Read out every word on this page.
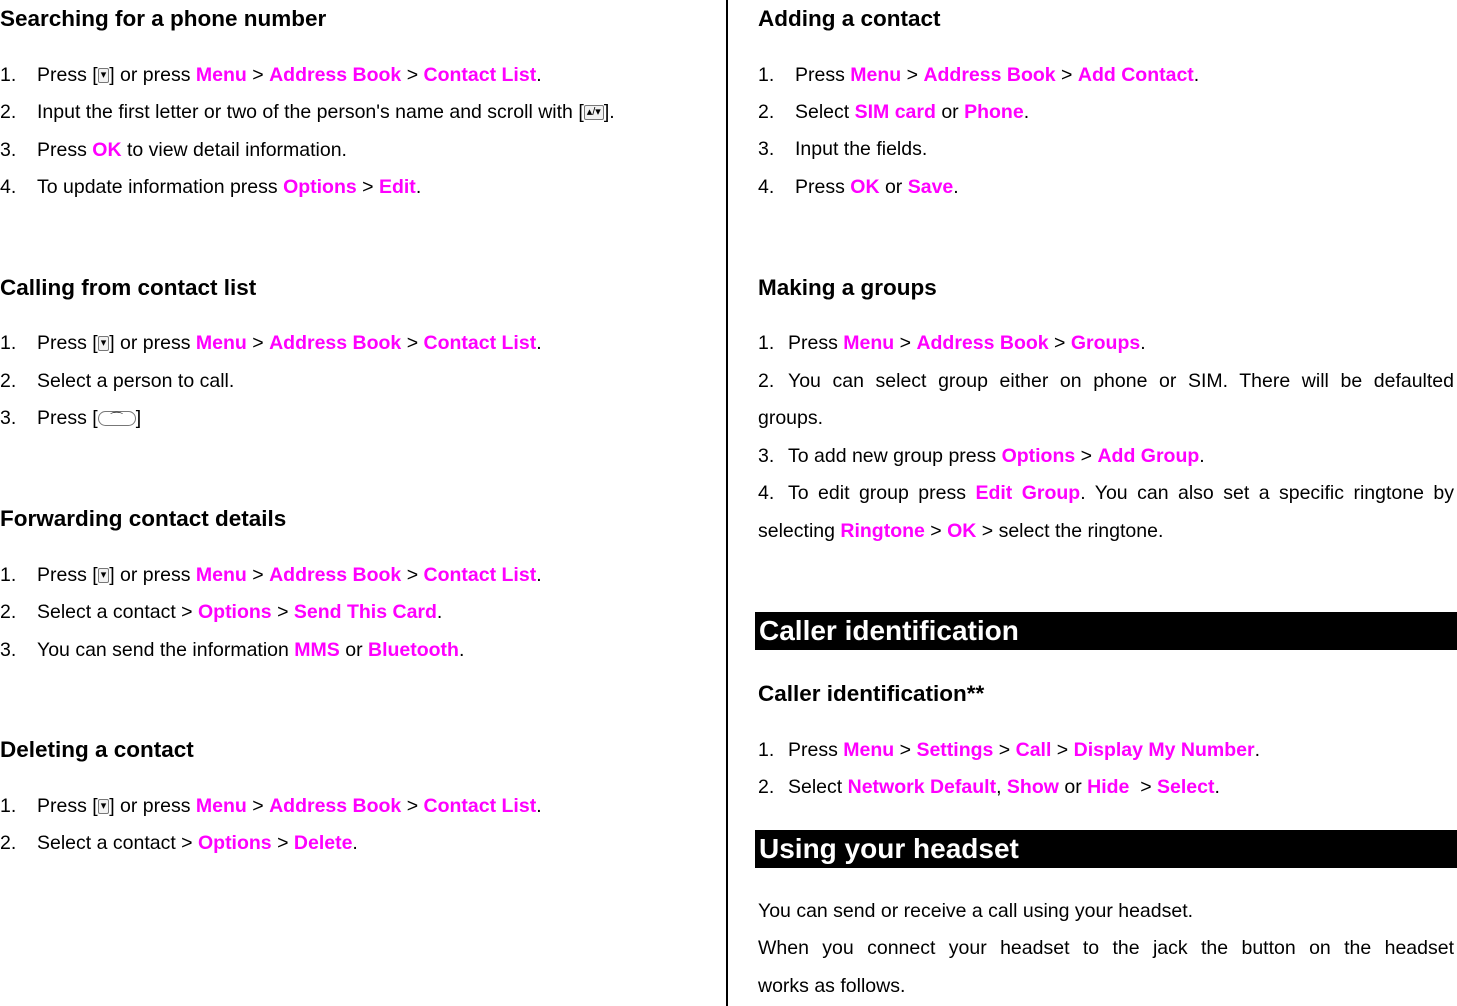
Searching for a phone number
1. Press [ ▾ ] or press Menu > Address Book > Contact List.
2. Input the first letter or two of the person's name and scroll with [ ▴/▾ ].
3. Press OK to view detail information.
4. To update information press Options > Edit.
Calling from contact list
1. Press [ ▾ ] or press Menu > Address Book > Contact List.
2. Select a person to call.
3. Press [ ⌒ ]
Forwarding contact details
1. Press [ ▾ ] or press Menu > Address Book > Contact List.
2. Select a contact > Options > Send This Card.
3. You can send the information MMS or Bluetooth.
Deleting a contact
1. Press [ ▾ ] or press Menu > Address Book > Contact List.
2. Select a contact > Options > Delete.
Adding a contact
1. Press Menu > Address Book > Add Contact.
2. Select SIM card or Phone.
3. Input the fields.
4. Press OK or Save.
Making a groups
1. Press Menu > Address Book > Groups.
2. You can select group either on phone or SIM. There will be defaulted
groups.
3. To add new group press Options > Add Group.
4. To edit group press Edit Group. You can also set a specific ringtone by
selecting Ringtone > OK > select the ringtone.
Caller identification
Caller identification**
1. Press Menu > Settings > Call > Display My Number.
2. Select Network Default, Show or Hide  > Select.
Using your headset
You can send or receive a call using your headset.
When you connect your headset to the jack the button on the headset
works as follows.
